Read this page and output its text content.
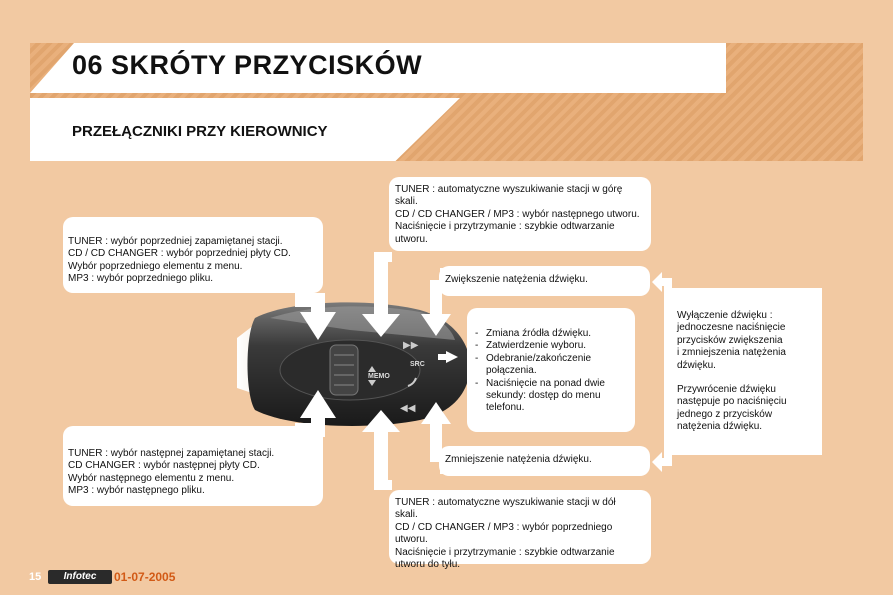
06 SKRÓTY PRZYCISKÓW
PRZEŁĄCZNIKI PRZY KIEROWNICY
MEMO
SRC
▶▶
◀◀

TUNER : automatyczne wyszukiwanie stacji w górę

skali.

CD / CD CHANGER / MP3 : wybór następnego utworu.

Naciśnięcie i przytrzymanie : szybkie odtwarzanie

utworu.

TUNER : wybór poprzedniej zapamiętanej stacji.

CD / CD CHANGER : wybór poprzedniej płyty CD.

Wybór poprzedniego elementu z menu.

MP3 : wybór poprzedniego pliku.	Zwiększenie natężenia dźwięku.

- Zmiana źródła dźwięku.
- Zatwierdzenie wyboru.
- Odebranie/zakończenie połączenia.
- Naciśnięcie na ponad dwie sekundy: dostęp do menu telefonu.

Wyłączenie dźwięku :

jednoczesne naciśnięcie

przycisków zwiększenia

i zmniejszenia natężenia

dźwięku.

Przywrócenie dźwięku

następuje po naciśnięciu

jednego z przycisków

natężenia dźwięku.

Zmniejszenie natężenia dźwięku.

TUNER : wybór następnej zapamiętanej stacji.

CD CHANGER : wybór następnej płyty CD.

Wybór następnego elementu z menu.

MP3 : wybór następnego pliku.

TUNER : automatyczne wyszukiwanie stacji w dół

skali.

CD / CD CHANGER / MP3 : wybór poprzedniego utworu.

Naciśnięcie i przytrzymanie : szybkie odtwarzanie

utworu do tyłu.

15	Infotec	01-07-2005
